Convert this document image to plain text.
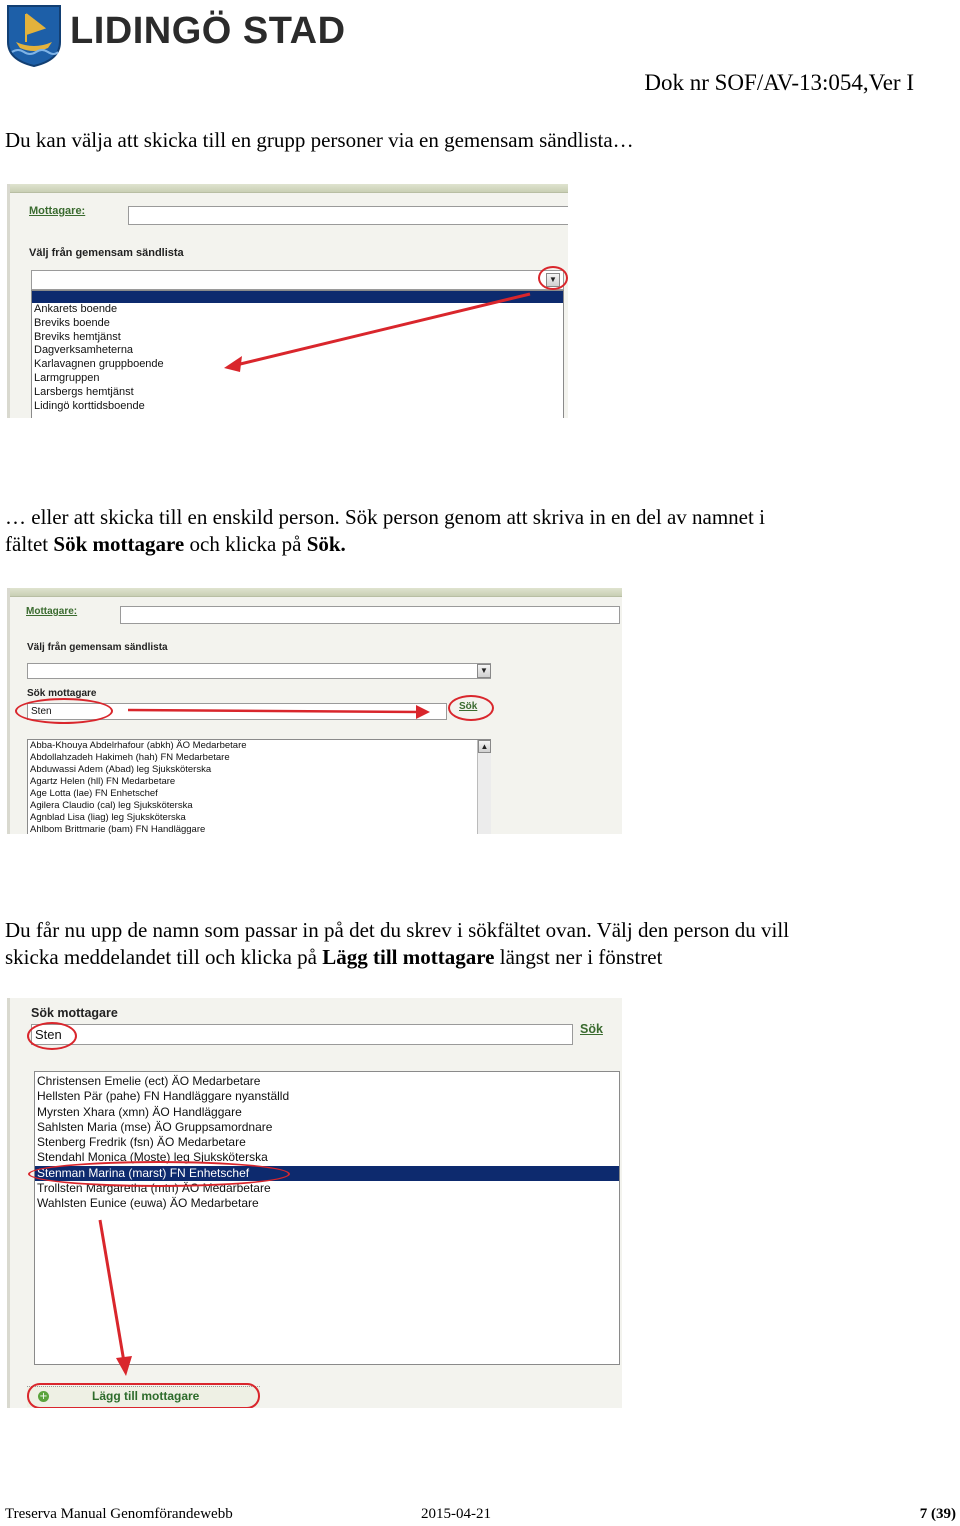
LIDINGÖ STAD
Dok nr SOF/AV-13:054,Ver I
Du kan välja att skicka till en grupp personer via en gemensam sändlista…
Mottagare:
Välj från gemensam sändlista
▼
Ankarets boende
Breviks boende
Breviks hemtjänst
Dagverksamheterna
Karlavagnen gruppboende
Larmgruppen
Larsbergs hemtjänst
Lidingö korttidsboende
… eller att skicka till en enskild person. Sök person genom att skriva in en del av namnet i
fältet Sök mottagare och klicka på Sök.
Mottagare:
Välj från gemensam sändlista
▼
Sök mottagare
Sten	Sök
Abba-Khouya Abdelrhafour (abkh) ÄO Medarbetare
Abdollahzadeh Hakimeh (hah) FN Medarbetare
Abduwassi Adem (Abad) leg Sjuksköterska
Agartz Helen (hll) FN Medarbetare
Age Lotta (lae) FN Enhetschef
Agilera Claudio (cal) leg Sjuksköterska
Agnblad Lisa (liag) leg Sjuksköterska
Ahlbom Brittmarie (bam) FN Handläggare
▲
Du får nu upp de namn som passar in på det du skrev i sökfältet ovan. Välj den person du vill
skicka meddelandet till och klicka på Lägg till mottagare längst ner i fönstret
Sök mottagare
Sten	Sök
Christensen Emelie (ect) ÄO Medarbetare
Hellsten Pär (pahe) FN Handläggare nyanställd
Myrsten Xhara (xmn) ÄO Handläggare
Sahlsten Maria (mse) ÄO Gruppsamordnare
Stenberg Fredrik (fsn) ÄO Medarbetare
Stendahl Monica (Moste) leg Sjuksköterska
Stenman Marina (marst) FN Enhetschef
Trollsten Margaretha (mtn) ÄO Medarbetare
Wahlsten Eunice (euwa) ÄO Medarbetare
+	Lägg till mottagare
Treserva Manual Genomförandewebb	2015-04-21	7 (39)
